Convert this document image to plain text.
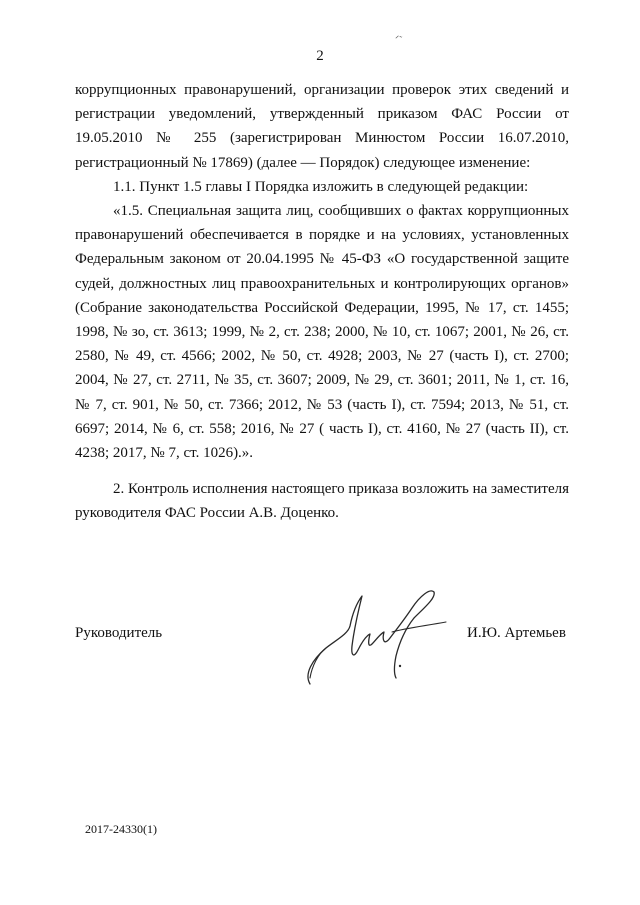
2
ᐟ˜

коррупционных правонарушений, организации проверок этих сведений и регистрации уведомлений, утвержденный приказом ФАС России от 19.05.2010 № 255 (зарегистрирован Минюстом России 16.07.2010, регистрационный № 17869) (далее — Порядок) следующее изменение:

1.1. Пункт 1.5 главы I Порядка изложить в следующей редакции:

«1.5. Специальная защита лиц, сообщивших о фактах коррупционных правонарушений обеспечивается в порядке и на условиях, установленных Федеральным законом от 20.04.1995 № 45-ФЗ «О государственной защите судей, должностных лиц правоохранительных и контролирующих органов» (Собрание законодательства Российской Федерации, 1995, № 17, ст. 1455; 1998, № зо, ст. 3613; 1999, № 2, ст. 238; 2000, № 10, ст. 1067; 2001, № 26, ст. 2580, № 49, ст. 4566; 2002, № 50, ст. 4928; 2003, № 27 (часть I), ст. 2700; 2004, № 27, ст. 2711, № 35, ст. 3607; 2009, № 29, ст. 3601; 2011, № 1, ст. 16, № 7, ст. 901, № 50, ст. 7366; 2012, № 53 (часть I), ст. 7594; 2013, № 51, ст. 6697; 2014, № 6, ст. 558; 2016, № 27 ( часть I), ст. 4160, № 27 (часть II), ст. 4238; 2017, № 7, ст. 1026).».

2. Контроль исполнения настоящего приказа возложить на заместителя руководителя ФАС России А.В. Доценко.

Руководитель	И.Ю. Артемьев
2017-24330(1)
